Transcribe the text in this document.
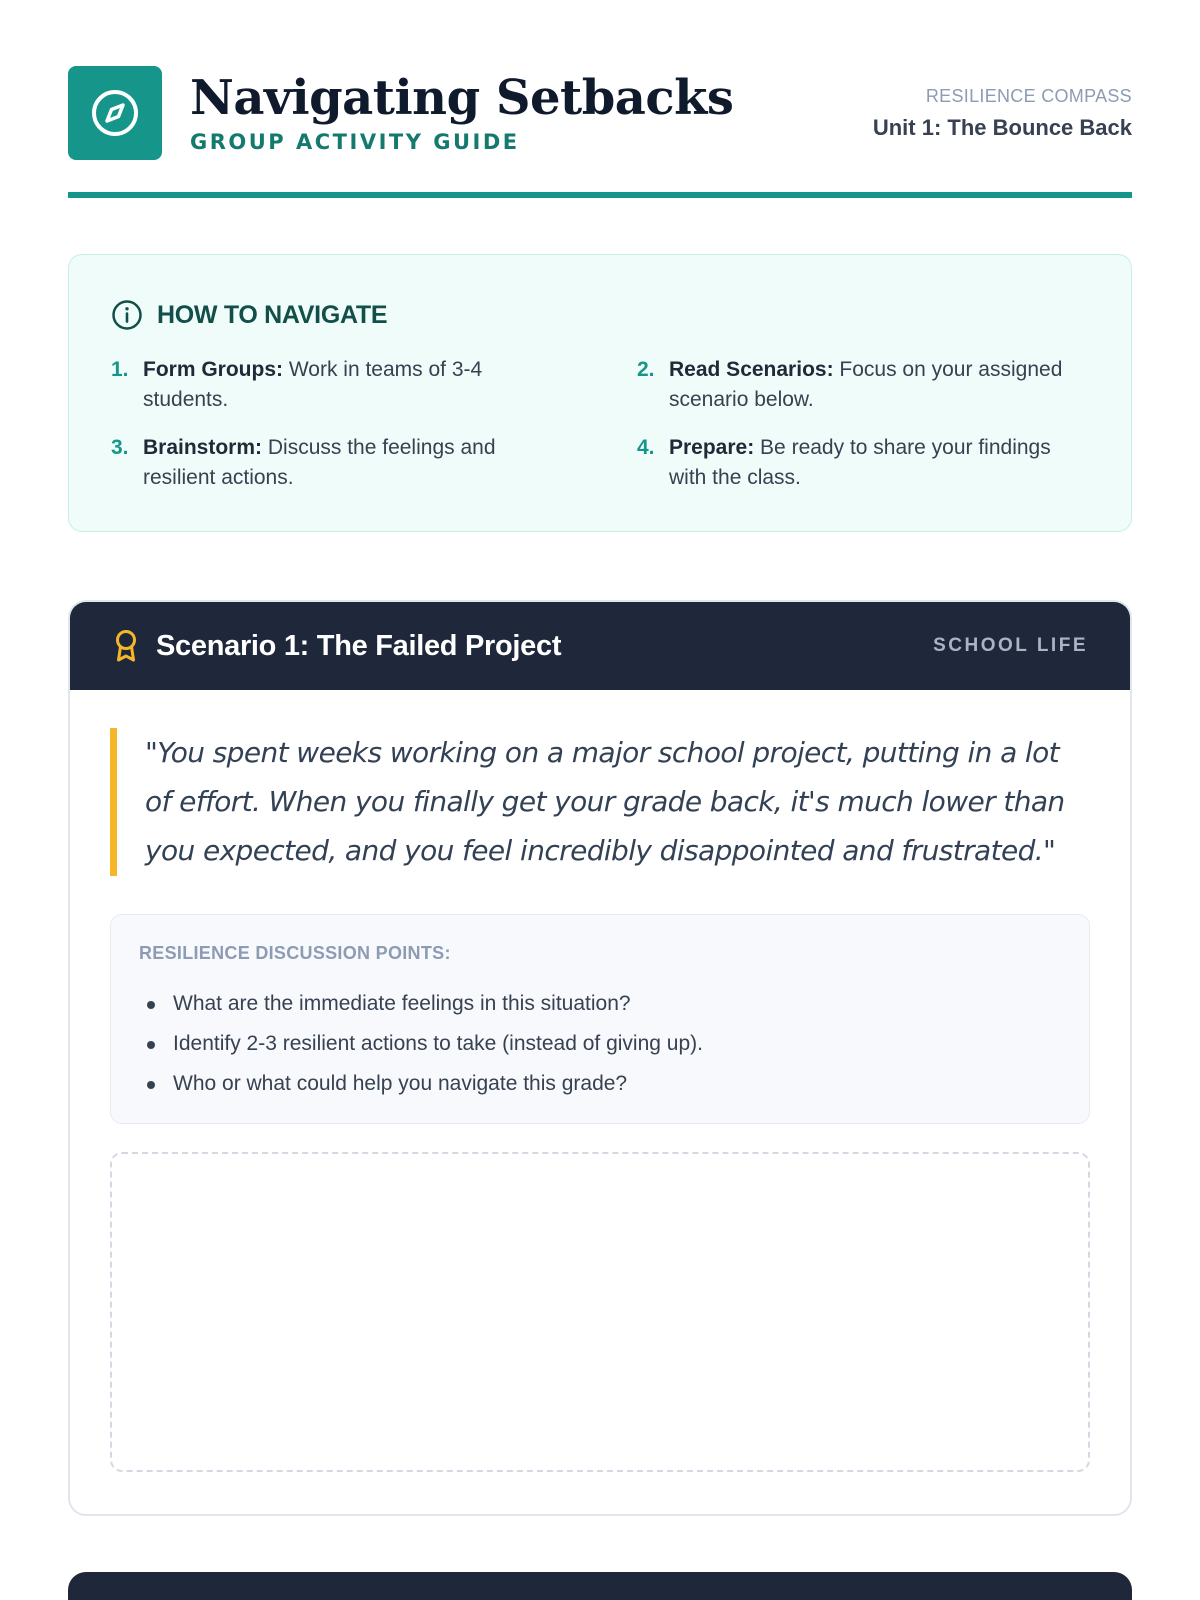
Navigating Setbacks
GROUP ACTIVITY GUIDE
RESILIENCE COMPASS
Unit 1: The Bounce Back
HOW TO NAVIGATE
1. Form Groups: Work in teams of 3-4 students.
2. Read Scenarios: Focus on your assigned scenario below.
3. Brainstorm: Discuss the feelings and resilient actions.
4. Prepare: Be ready to share your findings with the class.
Scenario 1: The Failed Project	SCHOOL LIFE
"You spent weeks working on a major school project, putting in a lot of effort. When you finally get your grade back, it's much lower than you expected, and you feel incredibly disappointed and frustrated."
RESILIENCE DISCUSSION POINTS:
What are the immediate feelings in this situation?
Identify 2-3 resilient actions to take (instead of giving up).
Who or what could help you navigate this grade?
